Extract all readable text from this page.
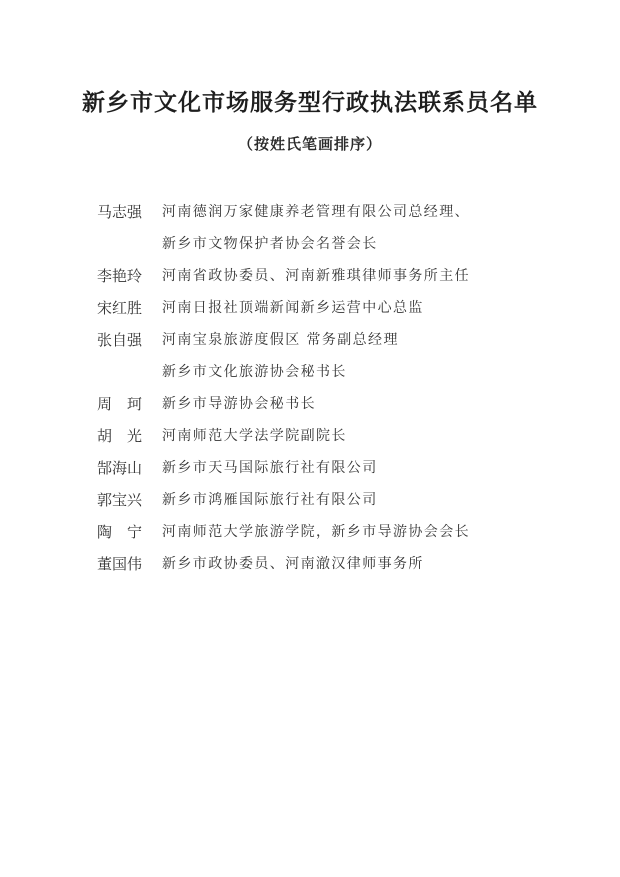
新乡市文化市场服务型行政执法联系员名单
（按姓氏笔画排序）
马志强	河南德润万家健康养老管理有限公司总经理、
新乡市文物保护者协会名誉会长
李艳玲	河南省政协委员、河南新雅琪律师事务所主任
宋红胜	河南日报社顶端新闻新乡运营中心总监
张自强	河南宝泉旅游度假区 常务副总经理
新乡市文化旅游协会秘书长
周　珂	新乡市导游协会秘书长
胡　光	河南师范大学法学院副院长
郜海山	新乡市天马国际旅行社有限公司
郭宝兴	新乡市鸿雁国际旅行社有限公司
陶　宁	河南师范大学旅游学院，新乡市导游协会会长
董国伟	新乡市政协委员、河南澈汉律师事务所
